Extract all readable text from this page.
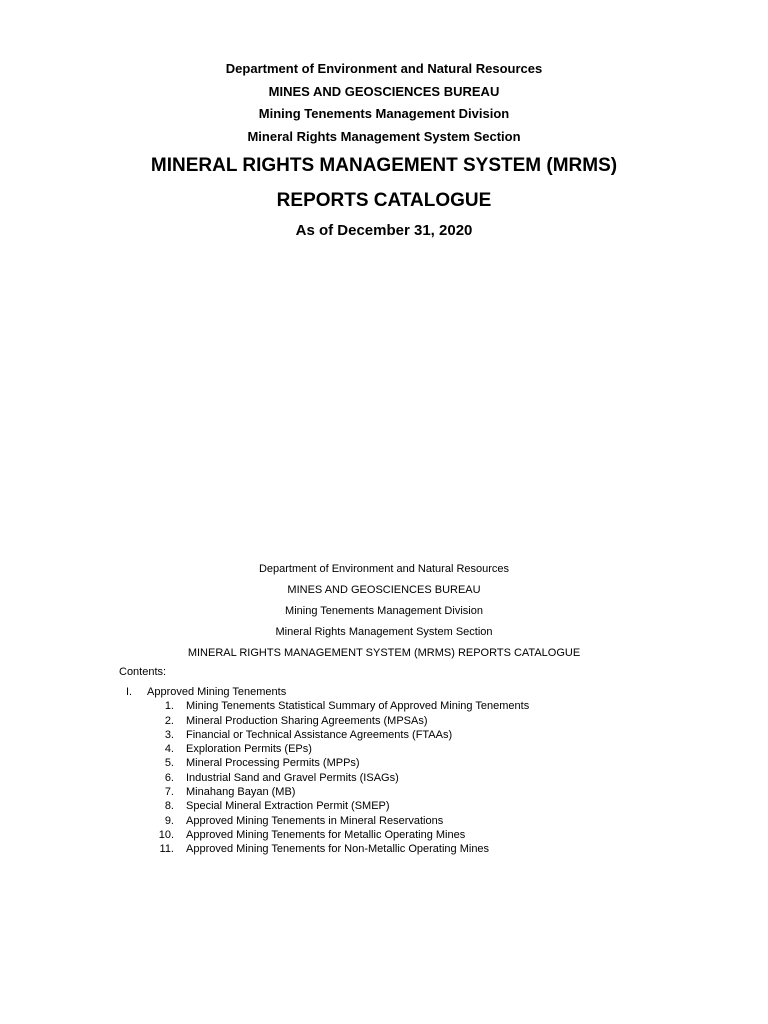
Department of Environment and Natural Resources
MINES AND GEOSCIENCES BUREAU
Mining Tenements Management Division
Mineral Rights Management System Section
MINERAL RIGHTS MANAGEMENT SYSTEM (MRMS)
REPORTS CATALOGUE
As of December 31, 2020
Department of Environment and Natural Resources
MINES AND GEOSCIENCES BUREAU
Mining Tenements Management Division
Mineral Rights Management System Section
MINERAL RIGHTS MANAGEMENT SYSTEM (MRMS) REPORTS CATALOGUE
Contents:
I. Approved Mining Tenements
1. Mining Tenements Statistical Summary of Approved Mining Tenements
2. Mineral Production Sharing Agreements (MPSAs)
3. Financial or Technical Assistance Agreements (FTAAs)
4. Exploration Permits (EPs)
5. Mineral Processing Permits (MPPs)
6. Industrial Sand and Gravel Permits (ISAGs)
7. Minahang Bayan (MB)
8. Special Mineral Extraction Permit (SMEP)
9. Approved Mining Tenements in Mineral Reservations
10. Approved Mining Tenements for Metallic Operating Mines
11. Approved Mining Tenements for Non-Metallic Operating Mines
